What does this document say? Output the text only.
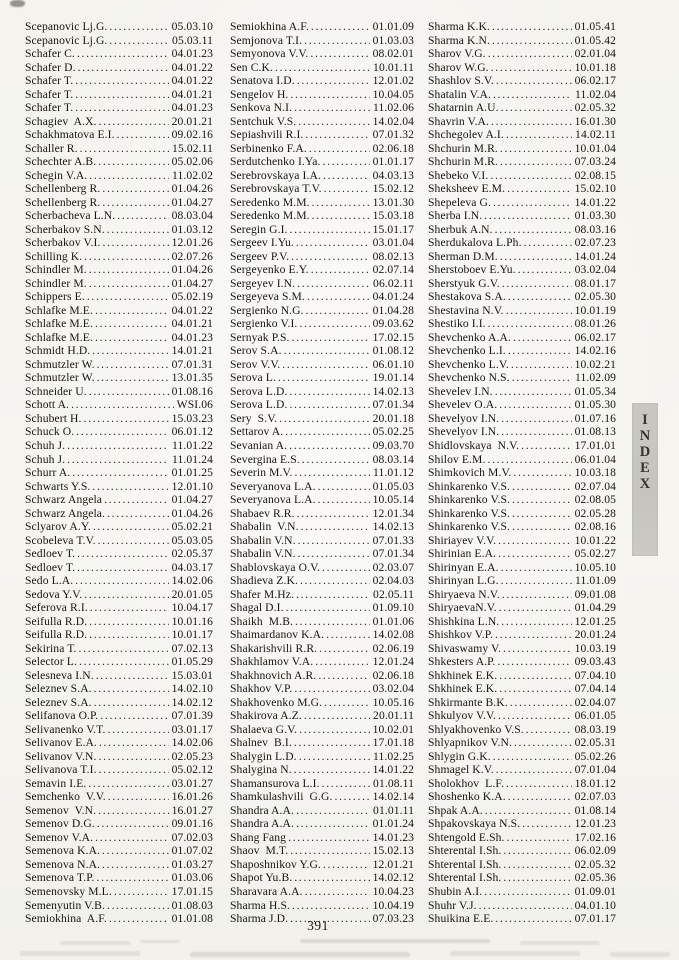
Scepanovic Lj.G. .....	05.03.10
Scepanovic Lj.G. .....	05.03.11
Schafer C. .....	04.01.23
Schafer D. .....	04.01.22
Schafer T. .....	04.01.22
Schafer T. .....	04.01.21
Schafer T. .....	04.01.23
Schagiev  A.X. .....	20.01.21
Schakhmatova E.I. .....	09.02.16
Schaller R. .....	15.02.11
Schechter A.B. .....	05.02.06
Schegin V.A. .....	11.02.02
Schellenberg R. .....	01.04.26
Schellenberg R. .....	01.04.27
Scherbacheva L.N. .....	08.03.04
Scherbakov S.N. .....	01.03.12
Scherbakov V.I. .....	12.01.26
Schilling K. .....	02.07.26
Schindler M. .....	01.04.26
Schindler M. .....	01.04.27
Schippers E. .....	05.02.19
Schlafke M.E. .....	04.01.22
Schlafke M.E. .....	04.01.21
Schlafke M.E. .....	04.01.23
Schmidt H.D. .....	14.01.21
Schmutzler W. .....	07.01.31
Schmutzler W. .....	13.01.35
Schneider U. .....	01.08.16
Schott A. .....	WSI.06
Schubert H. .....	15.03.23
Schuck O. .....	06.01.12
Schuh J. .....	11.01.22
Schuh J. .....	11.01.24
Schurr A. .....	01.01.25
Schwarts Y.S. .....	12.01.10
Schwarz Angela .....	01.04.27
Schwarz Angela. .....	01.04.26
Sclyarov A.Y. .....	05.02.21
Scobeleva T.V. .....	05.03.05
Sedloev T. .....	02.05.37
Sedloev T. .....	04.03.17
Sedo L.A. .....	14.02.06
Sedova Y.V. .....	20.01.05
Seferova R.I. .....	10.04.17
Seifulla R.D. .....	10.01.16
Seifulla R.D. .....	10.01.17
Sekirina T. .....	07.02.13
Selector L. .....	01.05.29
Selesneva I.N. .....	15.03.01
Seleznev S.A. .....	14.02.10
Seleznev S.A. .....	14.02.12
Selifanova O.P. .....	07.01.39
Selivanenko V.T. .....	03.01.17
Selivanov E.A. .....	14.02.06
Selivanov V.N. .....	02.05.23
Selivanova T.I. .....	05.02.12
Semavin I.E. .....	03.01.27
Semchenko  V.V. .....	16.01.26
Semenov  V.N. .....	16.01.27
Semenov D.G. .....	09.01.16
Semenov V.A. .....	07.02.03
Semenova K.A. .....	01.07.02
Semenova N.A. .....	01.03.27
Semenova T.P. .....	01.03.06
Semenovsky M.L. .....	17.01.15
Semenyutin V.B. .....	01.08.03
Semiokhina  A.F. .....	01.01.08
Semiokhina A.F. .....	01.01.09
Semjonova T.I. .....	01.03.03
Semyonova V.V. .....	08.02.01
Sen C.K. .....	10.01.11
Senatova I.D. .....	12.01.02
Sengelov H. .....	10.04.05
Senkova N.I. .....	11.02.06
Sentchuk V.S. .....	14.02.04
Sepiashvili R.I. .....	07.01.32
Serbinenko F.A. .....	02.06.18
Serdutchenko I.Ya. .....	01.01.17
Serebrovskaya I.A. .....	04.03.13
Serebrovskaya T.V. .....	15.02.12
Seredenko M.M. .....	13.01.30
Seredenko M.M. .....	15.03.18
Seregin G.I. .....	15.01.17
Sergeev I.Yu. .....	03.01.04
Sergeev P.V. .....	08.02.13
Sergeyenko E.Y. .....	02.07.14
Sergeyev I.N. .....	06.02.11
Sergeyeva S.M. .....	04.01.24
Sergienko N.G. .....	01.04.28
Sergienko V.I. .....	09.03.62
Sernyak P.S. .....	17.02.15
Serov S.A. .....	01.08.12
Serov V.V. .....	06.01.10
Serova L. .....	19.01.14
Serova L.D. .....	14.02.13
Serova L.D. .....	07.01.34
Sery  S.V. .....	20.01.18
Settarov A. .....	05.02.25
Sevanian A. .....	09.03.70
Severgina E.S. .....	08.03.14
Severin M.V. .....	11.01.12
Severyanova L.A. .....	01.05.03
Severyanova L.A. .....	10.05.14
Shabaev R.R. .....	12.01.34
Shabalin  V.N. .....	14.02.13
Shabalin V.N. .....	07.01.33
Shabalin V.N. .....	07.01.34
Shablovskaya O.V. .....	02.03.07
Shadieva Z.K. .....	02.04.03
Shafer M.Hz. .....	02.05.11
Shagal D.I. .....	01.09.10
Shaikh  M.B. .....	01.01.06
Shaimardanov K.A. .....	14.02.08
Shakarishvili R.R. .....	02.06.19
Shakhlamov V.A. .....	12.01.24
Shakhnovich A.R. .....	02.06.18
Shakhov V.P. .....	03.02.04
Shakhovenko M.G. .....	10.05.16
Shakirova A.Z. .....	20.01.11
Shalaeva G.V. .....	10.02.01
Shalnev  B.I. .....	17.01.18
Shalygin L.D. .....	11.02.25
Shalygina N. .....	14.01.22
Shamansurova L.I. .....	01.08.11
Shamkulashvili  G.G. .....	14.02.14
Shandra A.A. .....	01.01.11
Shandra A.A. .....	01.01.24
Shang Fang .....	14.01.23
Shaov  M.T. .....	15.02.13
Shaposhnikov Y.G. .....	12.01.21
Shapot Yu.B. .....	14.02.12
Sharavara A.A. .....	10.04.23
Sharma H.S. .....	10.04.19
Sharma J.D. .....	07.03.23
Sharma K.K. .....	01.05.41
Sharma K.N. .....	01.05.42
Sharov V.G. .....	02.01.04
Sharov W.G. .....	10.01.18
Shashlov S.V. .....	06.02.17
Shatalin V.A. .....	11.02.04
Shatarnin A.U. .....	02.05.32
Shavrin V.A. .....	16.01.30
Shchegolev A.I. .....	14.02.11
Shchurin M.R. .....	10.01.04
Shchurin M.R. .....	07.03.24
Shebeko V.I. .....	02.08.15
Sheksheev E.M. .....	15.02.10
Shepeleva G. .....	14.01.22
Sherba I.N. .....	01.03.30
Sherbuk A.N. .....	08.03.16
Sherdukalova L.Ph. .....	02.07.23
Sherman D.M. .....	14.01.24
Sherstoboev E.Yu. .....	03.02.04
Sherstyuk G.V. .....	08.01.17
Shestakova S.A. .....	02.05.30
Shestavina N.V. .....	10.01.19
Shestiko I.I. .....	08.01.26
Shevchenko A.A. .....	06.02.17
Shevchenko L.I. .....	14.02.16
Shevchenko L.V. .....	10.02.21
Shevchenko N.S. .....	11.02.09
Shevelev I.N. .....	01.05.34
Shevelev O.A. .....	01.05.30
Shevelyov I.N. .....	01.07.16
Shevelyov I.N. .....	01.08.13
Shidlovskaya  N.V. .....	17.01.01
Shilov E.M. .....	06.01.04
Shimkovich M.V. .....	10.03.18
Shinkarenko V.S. .....	02.07.04
Shinkarenko V.S. .....	02.08.05
Shinkarenko V.S. .....	02.05.28
Shinkarenko V.S. .....	02.08.16
Shiriayev V.V. .....	10.01.22
Shirinian E.A. .....	05.02.27
Shirinyan E.A. .....	10.05.10
Shirinyan L.G. .....	11.01.09
Shiryaeva N.V. .....	09.01.08
ShiryaevaN.V. .....	01.04.29
Shishkina L.N. .....	12.01.25
Shishkov V.P. .....	20.01.24
Shivaswamy V. .....	10.03.19
Shkesters A.P. .....	09.03.43
Shkhinek E.K. .....	07.04.10
Shkhinek E.K. .....	07.04.14
Shkirmante B.K. .....	02.04.07
Shkulyov V.V. .....	06.01.05
Shlyakhovenko V.S. .....	08.03.19
Shlyapnikov V.N. .....	02.05.31
Shlygin G.K. .....	05.02.26
Shmagel K.V. .....	07.01.04
Sholokhov  L.F. .....	18.01.12
Shoshenko K.A. .....	02.07.03
Shpak A.A. .....	01.08.14
Shpakovskaya N.S. .....	12.01.23
Shtengold E.Sh. .....	17.02.16
Shterental I.Sh. .....	06.02.09
Shterental I.Sh. .....	02.05.32
Shterental I.Sh. .....	02.05.36
Shubin A.I. .....	01.09.01
Shuhr V.J. .....	04.01.10
Shuikina E.E. .....	07.01.17
I
N
D
E
X
391
